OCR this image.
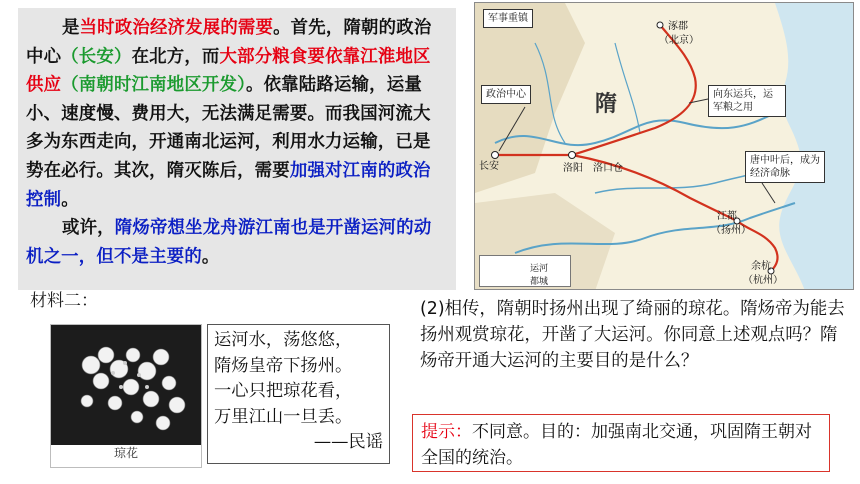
是当时政治经济发展的需要。首先，隋朝的政治中心（长安）在北方，而大部分粮食要依靠江淮地区供应（南朝时江南地区开发）。依靠陆路运输，运量小、速度慢、费用大，无法满足需要。而我国河流大多为东西走向，开通南北运河，利用水力运输，已是势在必行。其次，隋灭陈后，需要加强对江南的政治控制。

或许，隋炀帝想坐龙舟游江南也是开凿运河的动机之一，但不是主要的。

军事重镇
涿郡
（北京）
政治中心
长安	洛阳 洛口仓
江都
（扬州）
余杭
（杭州）
隋	向东运兵，运军粮之用
唐中叶后，成为经济命脉
运河
都城
材料二：
琼花
运河水，荡悠悠，
隋炀皇帝下扬州。
一心只把琼花看，
万里江山一旦丢。
——民谣
(2)相传，隋朝时扬州出现了绮丽的琼花。隋炀帝为能去扬州观赏琼花，开凿了大运河。你同意上述观点吗？隋炀帝开通大运河的主要目的是什么？
提示：不同意。目的：加强南北交通，巩固隋王朝对全国的统治。
